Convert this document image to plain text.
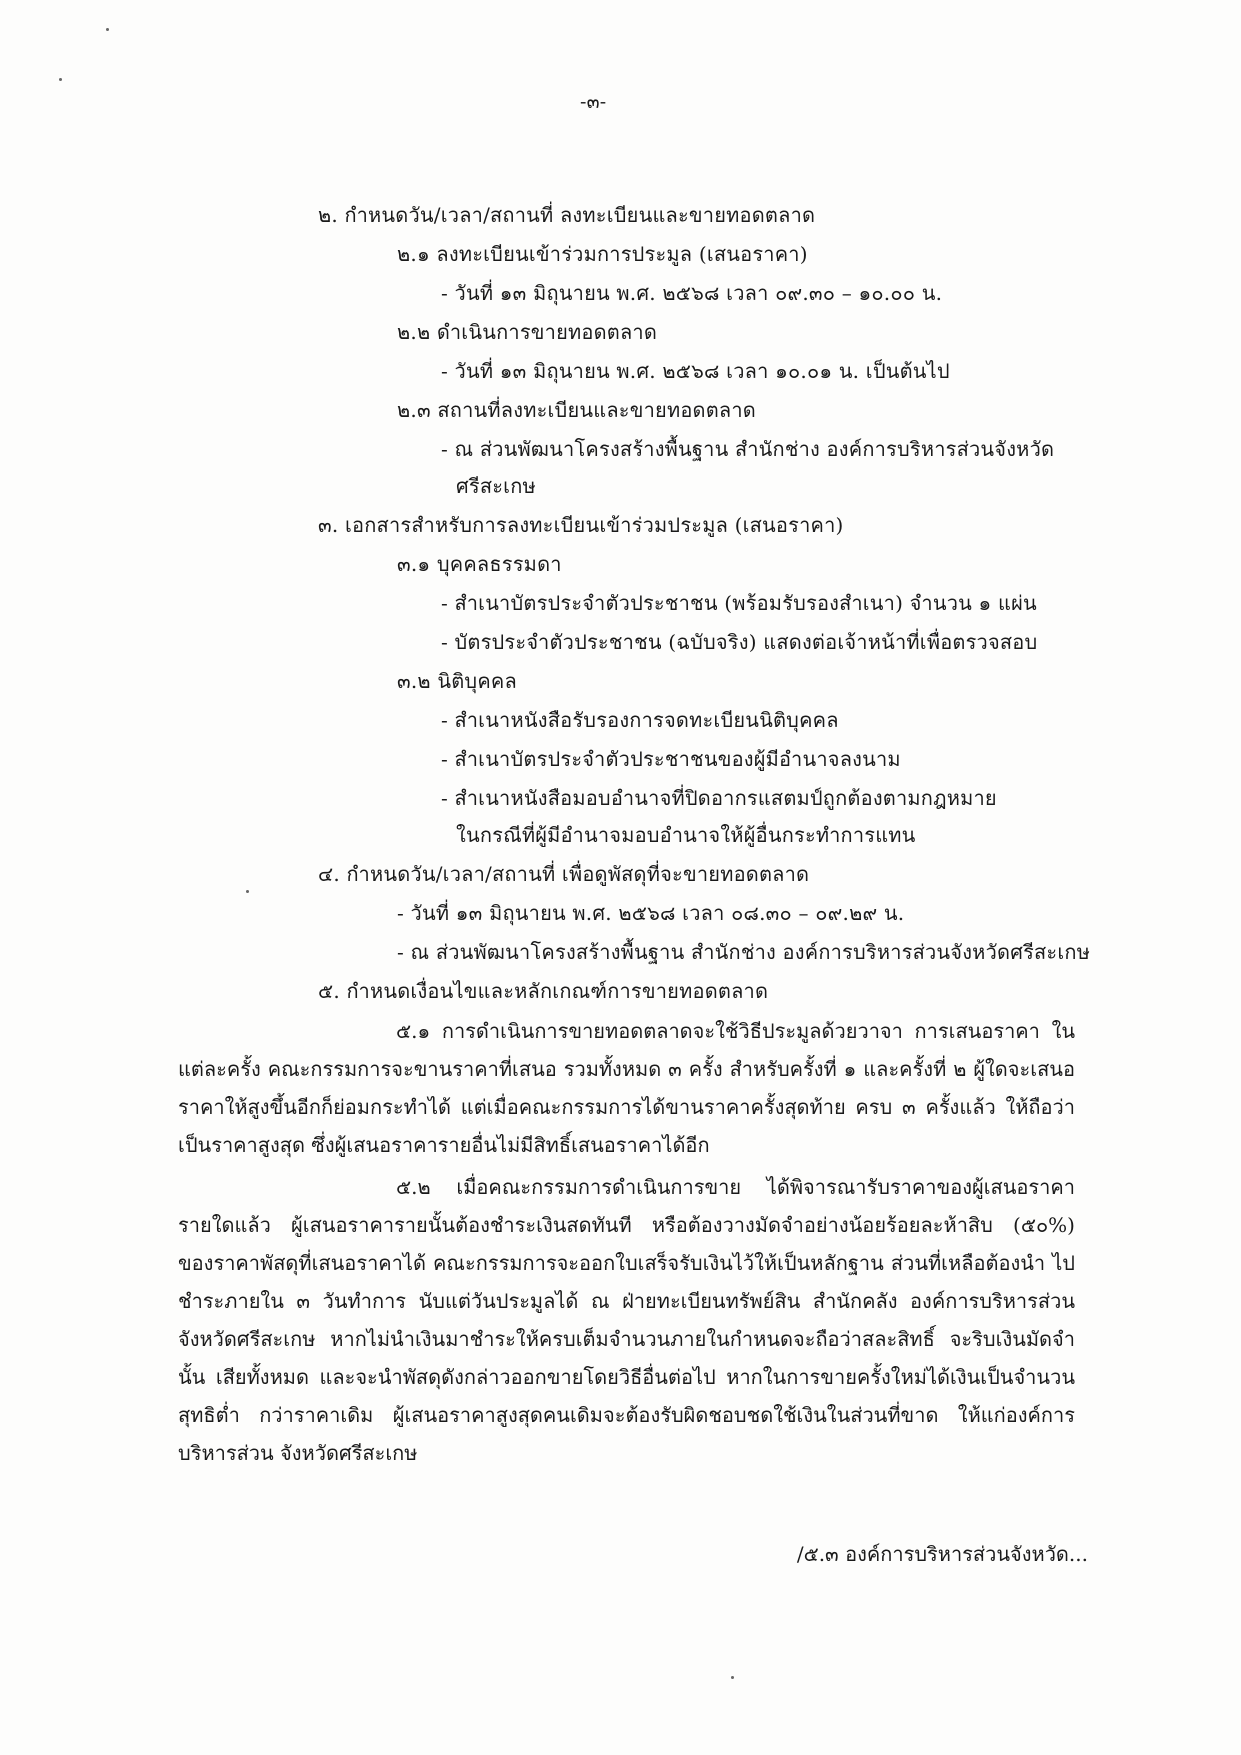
-๓-
๒. กำหนดวัน/เวลา/สถานที่ ลงทะเบียนและขายทอดตลาด
๒.๑ ลงทะเบียนเข้าร่วมการประมูล (เสนอราคา)
- วันที่ ๑๓ มิถุนายน พ.ศ. ๒๕๖๘ เวลา ๐๙.๓๐ – ๑๐.๐๐ น.
๒.๒ ดำเนินการขายทอดตลาด
- วันที่ ๑๓ มิถุนายน พ.ศ. ๒๕๖๘ เวลา ๑๐.๐๑ น. เป็นต้นไป
๒.๓ สถานที่ลงทะเบียนและขายทอดตลาด
- ณ ส่วนพัฒนาโครงสร้างพื้นฐาน สำนักช่าง องค์การบริหารส่วนจังหวัด
ศรีสะเกษ
๓. เอกสารสำหรับการลงทะเบียนเข้าร่วมประมูล (เสนอราคา)
๓.๑ บุคคลธรรมดา
- สำเนาบัตรประจำตัวประชาชน (พร้อมรับรองสำเนา) จำนวน ๑ แผ่น
- บัตรประจำตัวประชาชน (ฉบับจริง) แสดงต่อเจ้าหน้าที่เพื่อตรวจสอบ
๓.๒ นิติบุคคล
- สำเนาหนังสือรับรองการจดทะเบียนนิติบุคคล
- สำเนาบัตรประจำตัวประชาชนของผู้มีอำนาจลงนาม
- สำเนาหนังสือมอบอำนาจที่ปิดอากรแสตมป์ถูกต้องตามกฎหมาย
ในกรณีที่ผู้มีอำนาจมอบอำนาจให้ผู้อื่นกระทำการแทน
๔. กำหนดวัน/เวลา/สถานที่ เพื่อดูพัสดุที่จะขายทอดตลาด
- วันที่ ๑๓ มิถุนายน พ.ศ. ๒๕๖๘ เวลา ๐๘.๓๐ – ๐๙.๒๙ น.
- ณ ส่วนพัฒนาโครงสร้างพื้นฐาน สำนักช่าง องค์การบริหารส่วนจังหวัดศรีสะเกษ
๕. กำหนดเงื่อนไขและหลักเกณฑ์การขายทอดตลาด
๕.๑ การดำเนินการขายทอดตลาดจะใช้วิธีประมูลด้วยวาจา การเสนอราคา ในแต่ละครั้ง คณะกรรมการจะขานราคาที่เสนอ รวมทั้งหมด ๓ ครั้ง สำหรับครั้งที่ ๑ และครั้งที่ ๒ ผู้ใดจะเสนอราคาให้สูงขึ้นอีกก็ย่อมกระทำได้ แต่เมื่อคณะกรรมการได้ขานราคาครั้งสุดท้าย ครบ ๓ ครั้งแล้ว ให้ถือว่าเป็นราคาสูงสุด ซึ่งผู้เสนอราคารายอื่นไม่มีสิทธิ์เสนอราคาได้อีก
๕.๒ เมื่อคณะกรรมการดำเนินการขาย ได้พิจารณารับราคาของผู้เสนอราคา รายใดแล้ว ผู้เสนอราคารายนั้นต้องชำระเงินสดทันที หรือต้องวางมัดจำอย่างน้อยร้อยละห้าสิบ (๕๐%) ของราคาพัสดุที่เสนอราคาได้ คณะกรรมการจะออกใบเสร็จรับเงินไว้ให้เป็นหลักฐาน ส่วนที่เหลือต้องนำ ไปชำระภายใน ๓ วันทำการ นับแต่วันประมูลได้ ณ ฝ่ายทะเบียนทรัพย์สิน สำนักคลัง องค์การบริหารส่วน จังหวัดศรีสะเกษ หากไม่นำเงินมาชำระให้ครบเต็มจำนวนภายในกำหนดจะถือว่าสละสิทธิ์ จะริบเงินมัดจำนั้น เสียทั้งหมด และจะนำพัสดุดังกล่าวออกขายโดยวิธีอื่นต่อไป หากในการขายครั้งใหม่ได้เงินเป็นจำนวนสุทธิต่ำ กว่าราคาเดิม ผู้เสนอราคาสูงสุดคนเดิมจะต้องรับผิดชอบชดใช้เงินในส่วนที่ขาด ให้แก่องค์การบริหารส่วน จังหวัดศรีสะเกษ
/๕.๓ องค์การบริหารส่วนจังหวัด...
